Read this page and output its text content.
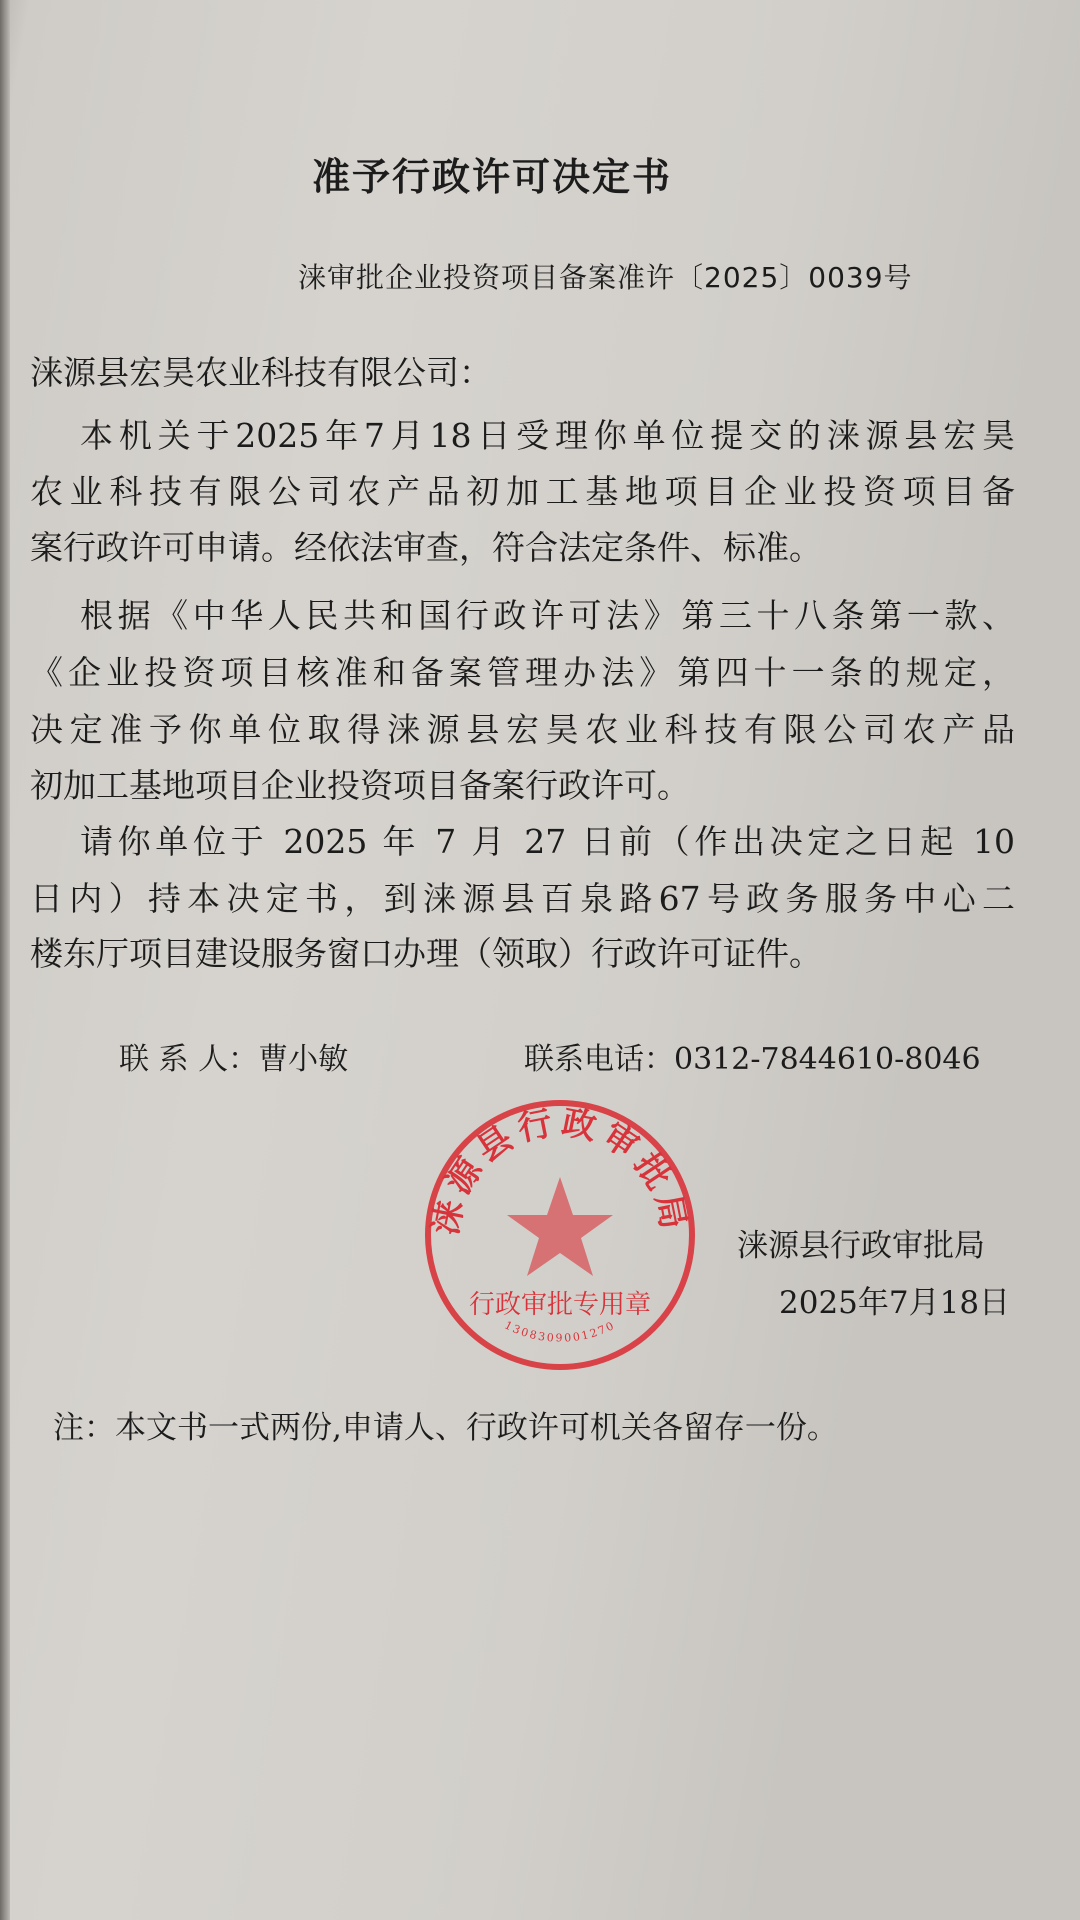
准予行政许可决定书
涞审批企业投资项目备案准许〔2025〕0039号
涞源县宏昊农业科技有限公司：
本机关于2025年7月18日受理你单位提交的涞源县宏昊
农业科技有限公司农产品初加工基地项目企业投资项目备
案行政许可申请。经依法审查，符合法定条件、标准。
根据《中华人民共和国行政许可法》第三十八条第一款、
《企业投资项目核准和备案管理办法》第四十一条的规定，
决定准予你单位取得涞源县宏昊农业科技有限公司农产品
初加工基地项目企业投资项目备案行政许可。
请你单位于 2025 年 7 月 27 日前（作出决定之日起 10
日内）持本决定书，到涞源县百泉路67号政务服务中心二
楼东厅项目建设服务窗口办理（领取）行政许可证件。
联 系 人：曹小敏	联系电话：0312-7844610-8046
涞源县行政审批局
行政审批专用章
1308309001270
涞源县行政审批局
2025年7月18日
注：本文书一式两份,申请人、行政许可机关各留存一份。
